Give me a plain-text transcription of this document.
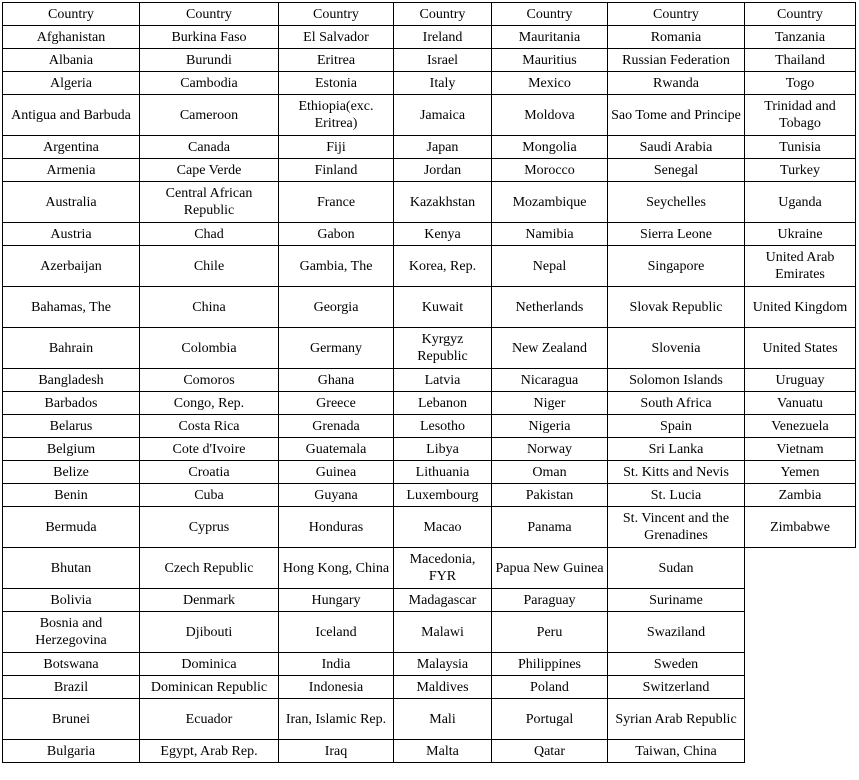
Country	Country	Country	Country	Country	Country	Country
Afghanistan	Burkina Faso	El Salvador	Ireland	Mauritania	Romania	Tanzania
Albania	Burundi	Eritrea	Israel	Mauritius	Russian Federation	Thailand
Algeria	Cambodia	Estonia	Italy	Mexico	Rwanda	Togo
Antigua and Barbuda	Cameroon	Ethiopia(exc. Eritrea)	Jamaica	Moldova	Sao Tome and Principe	Trinidad and Tobago
Argentina	Canada	Fiji	Japan	Mongolia	Saudi Arabia	Tunisia
Armenia	Cape Verde	Finland	Jordan	Morocco	Senegal	Turkey
Australia	Central African Republic	France	Kazakhstan	Mozambique	Seychelles	Uganda
Austria	Chad	Gabon	Kenya	Namibia	Sierra Leone	Ukraine
Azerbaijan	Chile	Gambia, The	Korea, Rep.	Nepal	Singapore	United Arab Emirates
Bahamas, The	China	Georgia	Kuwait	Netherlands	Slovak Republic	United Kingdom
Bahrain	Colombia	Germany	Kyrgyz Republic	New Zealand	Slovenia	United States
Bangladesh	Comoros	Ghana	Latvia	Nicaragua	Solomon Islands	Uruguay
Barbados	Congo, Rep.	Greece	Lebanon	Niger	South Africa	Vanuatu
Belarus	Costa Rica	Grenada	Lesotho	Nigeria	Spain	Venezuela
Belgium	Cote d'Ivoire	Guatemala	Libya	Norway	Sri Lanka	Vietnam
Belize	Croatia	Guinea	Lithuania	Oman	St. Kitts and Nevis	Yemen
Benin	Cuba	Guyana	Luxembourg	Pakistan	St. Lucia	Zambia
Bermuda	Cyprus	Honduras	Macao	Panama	St. Vincent and the Grenadines	Zimbabwe
Bhutan	Czech Republic	Hong Kong, China	Macedonia, FYR	Papua New Guinea	Sudan	
Bolivia	Denmark	Hungary	Madagascar	Paraguay	Suriname	
Bosnia and Herzegovina	Djibouti	Iceland	Malawi	Peru	Swaziland	
Botswana	Dominica	India	Malaysia	Philippines	Sweden	
Brazil	Dominican Republic	Indonesia	Maldives	Poland	Switzerland	
Brunei	Ecuador	Iran, Islamic Rep.	Mali	Portugal	Syrian Arab Republic	
Bulgaria	Egypt, Arab Rep.	Iraq	Malta	Qatar	Taiwan, China	
